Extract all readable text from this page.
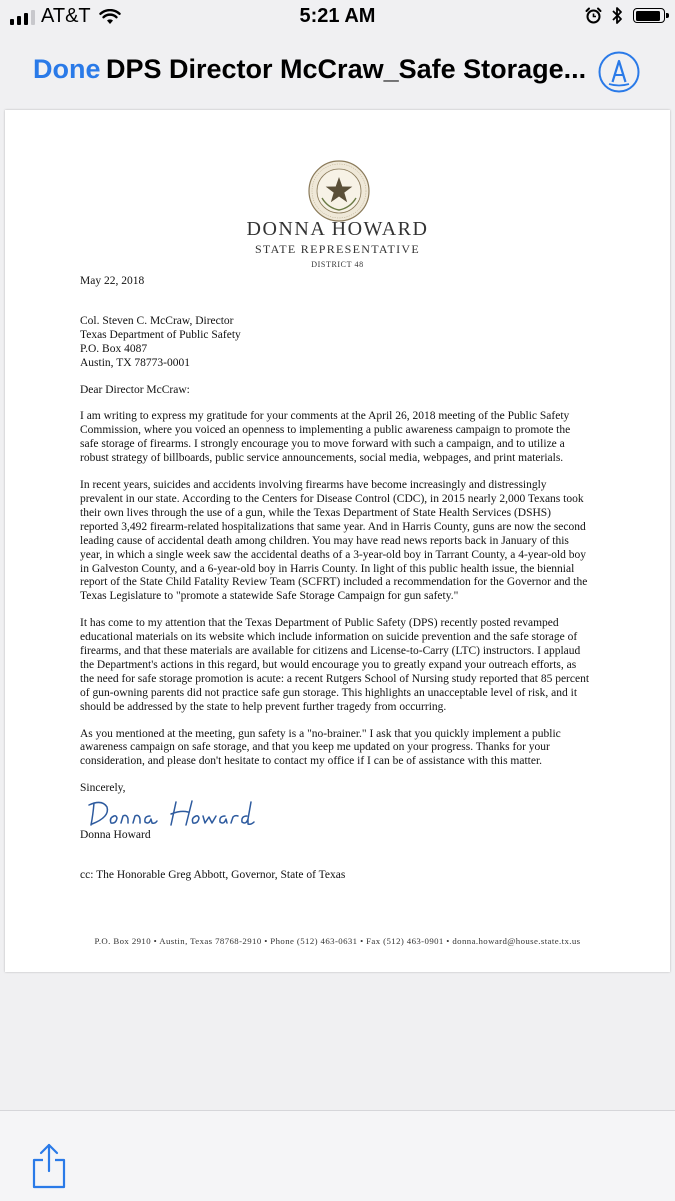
AT&T	5:21 AM
Done DPS Director McCraw_Safe Storage...
DONNA HOWARD
STATE REPRESENTATIVE
DISTRICT 48

May 22, 2018

Col. Steven C. McCraw, Director
Texas Department of Public Safety
P.O. Box 4087
Austin, TX 78773-0001

Dear Director McCraw:

I am writing to express my gratitude for your comments at the April 26, 2018 meeting of the Public Safety Commission, where you voiced an openness to implementing a public awareness campaign to promote the safe storage of firearms. I strongly encourage you to move forward with such a campaign, and to utilize a robust strategy of billboards, public service announcements, social media, webpages, and print materials.

In recent years, suicides and accidents involving firearms have become increasingly and distressingly prevalent in our state. According to the Centers for Disease Control (CDC), in 2015 nearly 2,000 Texans took their own lives through the use of a gun, while the Texas Department of State Health Services (DSHS) reported 3,492 firearm-related hospitalizations that same year. And in Harris County, guns are now the second leading cause of accidental death among children. You may have read news reports back in January of this year, in which a single week saw the accidental deaths of a 3-year-old boy in Tarrant County, a 4-year-old boy in Galveston County, and a 6-year-old boy in Harris County. In light of this public health issue, the biennial report of the State Child Fatality Review Team (SCFRT) included a recommendation for the Governor and the Texas Legislature to "promote a statewide Safe Storage Campaign for gun safety."

It has come to my attention that the Texas Department of Public Safety (DPS) recently posted revamped educational materials on its website which include information on suicide prevention and the safe storage of firearms, and that these materials are available for citizens and License-to-Carry (LTC) instructors. I applaud the Department's actions in this regard, but would encourage you to greatly expand your outreach efforts, as the need for safe storage promotion is acute: a recent Rutgers School of Nursing study reported that 85 percent of gun-owning parents did not practice safe gun storage. This highlights an unacceptable level of risk, and it should be addressed by the state to help prevent further tragedy from occurring.

As you mentioned at the meeting, gun safety is a "no-brainer." I ask that you quickly implement a public awareness campaign on safe storage, and that you keep me updated on your progress. Thanks for your consideration, and please don't hesitate to contact my office if I can be of assistance with this matter.

Sincerely,

Donna Howard

cc: The Honorable Greg Abbott, Governor, State of Texas

P.O. Box 2910 • Austin, Texas 78768-2910 • Phone (512) 463-0631 • Fax (512) 463-0901 • donna.howard@house.state.tx.us
